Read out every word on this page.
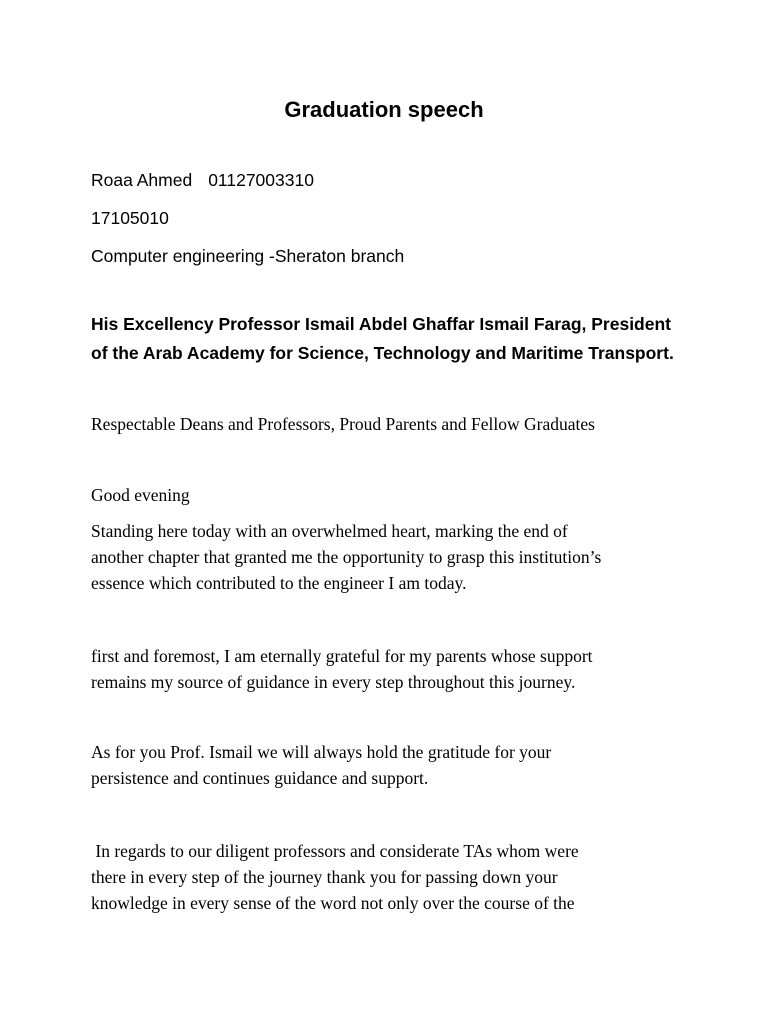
Graduation speech
Roaa Ahmed 01127003310
17105010
Computer engineering -Sheraton branch
His Excellency Professor Ismail Abdel Ghaffar Ismail Farag, President
of the Arab Academy for Science, Technology and Maritime Transport.
Respectable Deans and Professors, Proud Parents and Fellow Graduates
Good evening
Standing here today with an overwhelmed heart, marking the end of
another chapter that granted me the opportunity to grasp this institution’s
essence which contributed to the engineer I am today.
first and foremost, I am eternally grateful for my parents whose support
remains my source of guidance in every step throughout this journey.
As for you Prof. Ismail we will always hold the gratitude for your
persistence and continues guidance and support.
In regards to our diligent professors and considerate TAs whom were
there in every step of the journey thank you for passing down your
knowledge in every sense of the word not only over the course of the
